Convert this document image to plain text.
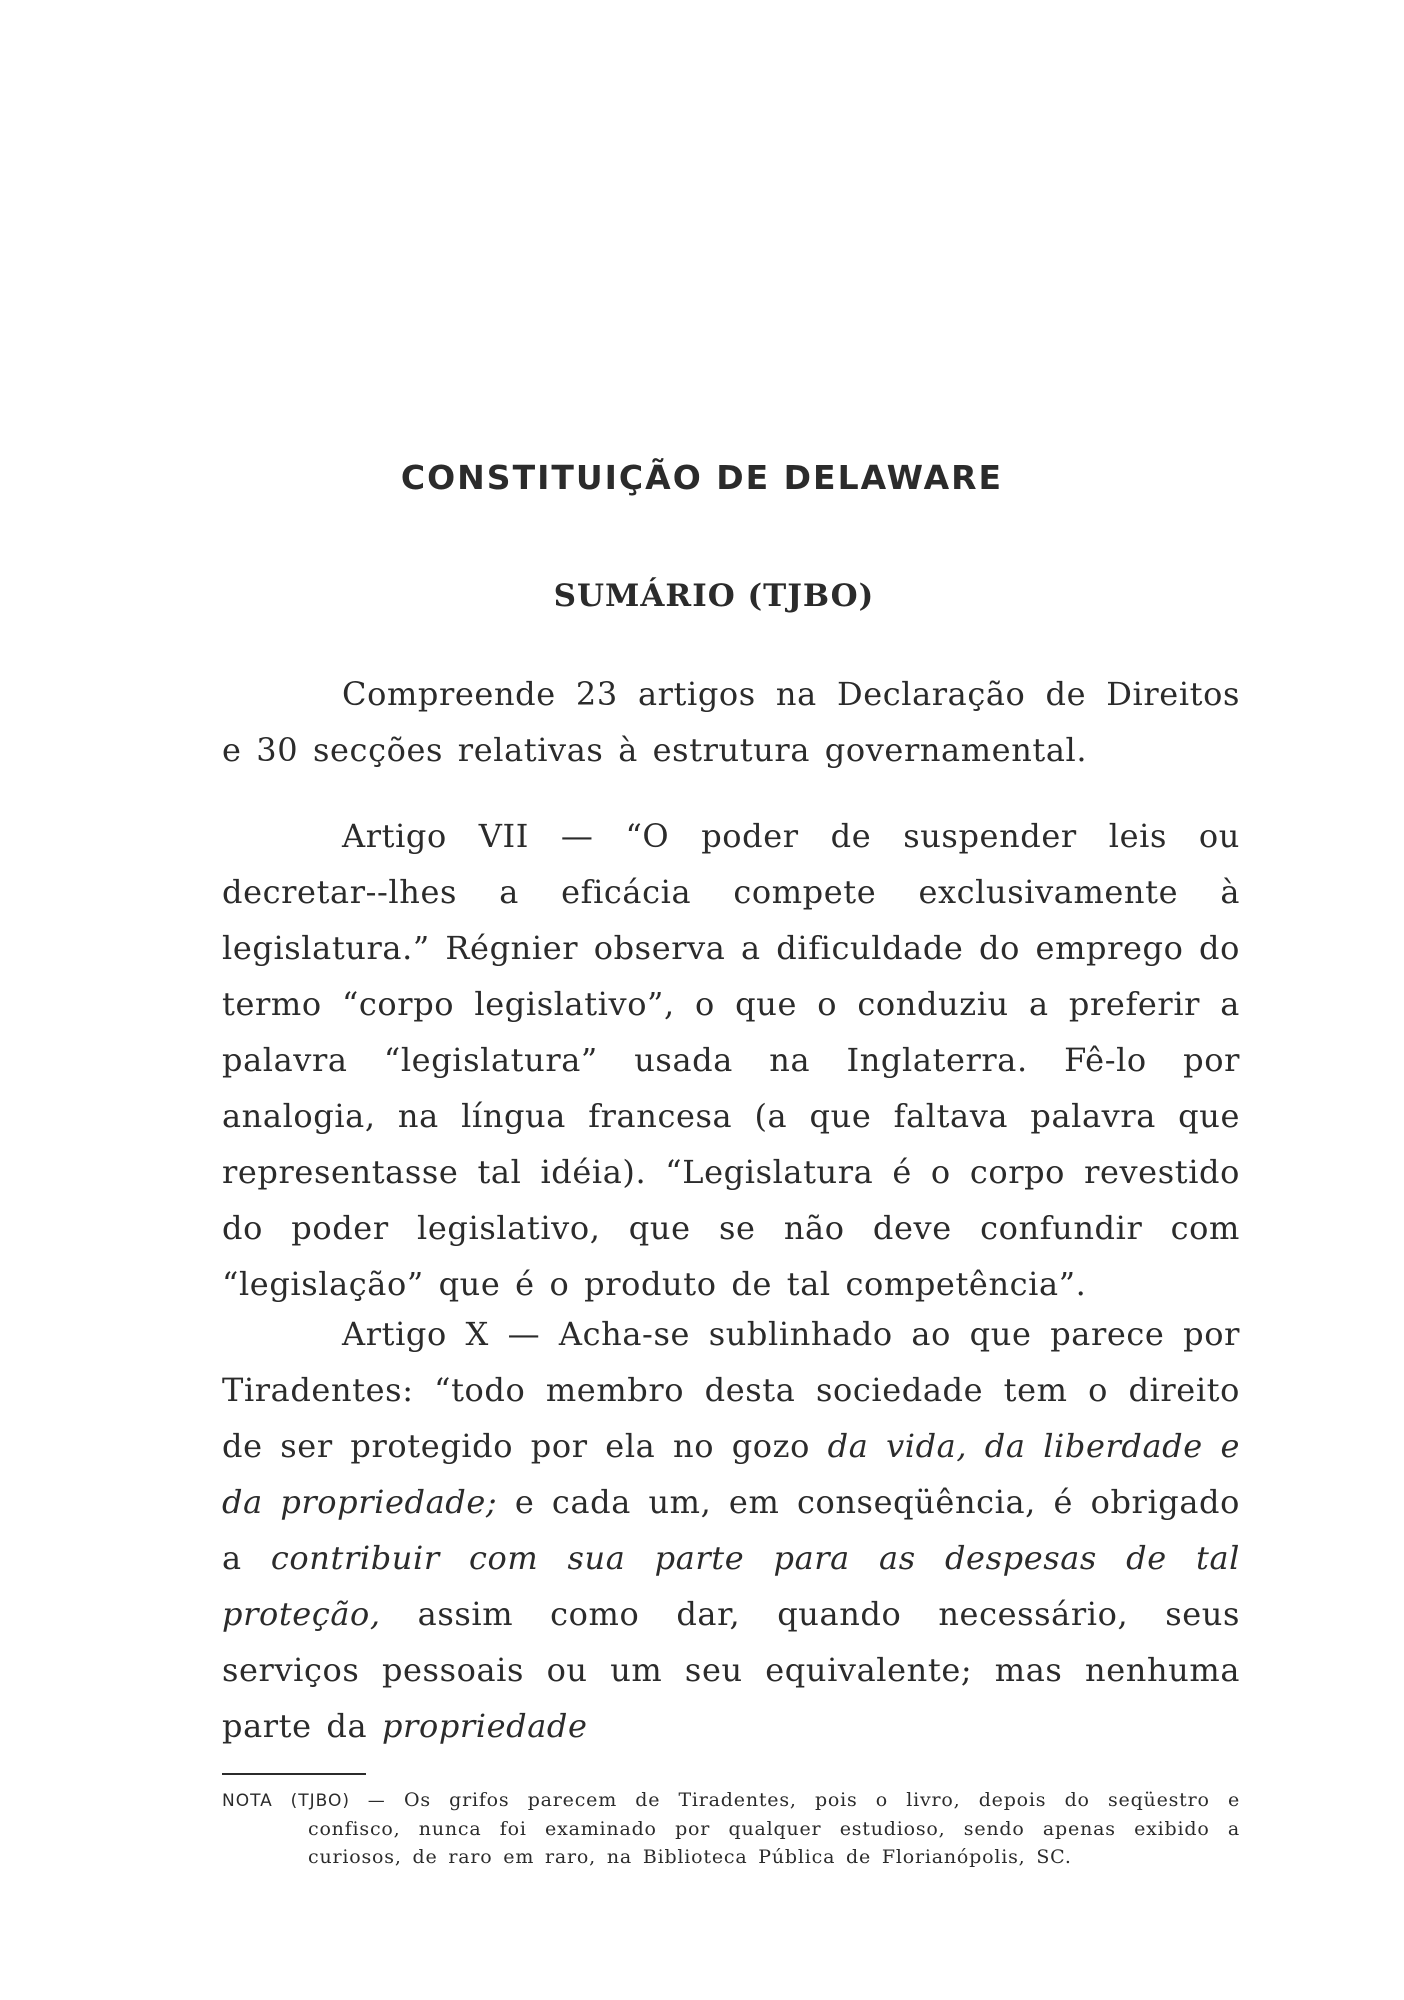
CONSTITUIÇÃO DE DELAWARE
SUMÁRIO (TJBO)

Compreende 23 artigos na Declaração de Direitos e 30 secções relativas à estrutura governamental.

Artigo VII — “O poder de suspender leis ou decretar--lhes a eficácia compete exclusivamente à legislatura.” Régnier observa a dificuldade do emprego do termo “corpo legislativo”, o que o conduziu a preferir a palavra “legislatura” usada na Inglaterra. Fê-lo por analogia, na língua francesa (a que faltava palavra que representasse tal idéia). “Legislatura é o corpo revestido do poder legislativo, que se não deve confundir com “legislação” que é o produto de tal competência”.

Artigo X — Acha-se sublinhado ao que parece por Tiradentes: “todo membro desta sociedade tem o direito de ser protegido por ela no gozo da vida, da liberdade e da propriedade; e cada um, em conseqüência, é obrigado a contribuir com sua parte para as despesas de tal proteção, assim como dar, quando necessário, seus serviços pessoais ou um seu equivalente; mas nenhuma parte da propriedade

NOTA (TJBO) — Os grifos parecem de Tiradentes, pois o livro, depois do seqüestro e confisco, nunca foi examinado por qualquer estudioso, sendo apenas exibido a curiosos, de raro em raro, na Biblioteca Pública de Florianópolis, SC.
